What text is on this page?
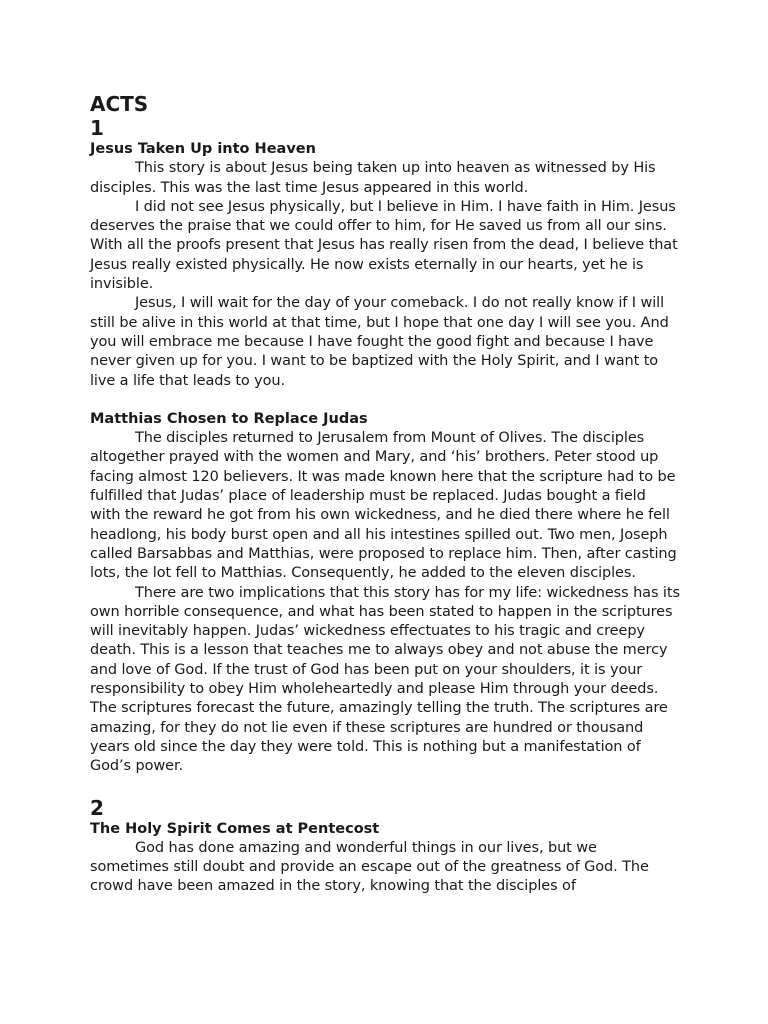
ACTS
1
Jesus Taken Up into Heaven

This story is about Jesus being taken up into heaven as witnessed by His disciples. This was the last time Jesus appeared in this world.

I did not see Jesus physically, but I believe in Him. I have faith in Him. Jesus deserves the praise that we could offer to him, for He saved us from all our sins. With all the proofs present that Jesus has really risen from the dead, I believe that Jesus really existed physically. He now exists eternally in our hearts, yet he is invisible.

Jesus, I will wait for the day of your comeback. I do not really know if I will still be alive in this world at that time, but I hope that one day I will see you. And you will embrace me because I have fought the good fight and because I have never given up for you. I want to be baptized with the Holy Spirit, and I want to live a life that leads to you.

Matthias Chosen to Replace Judas

The disciples returned to Jerusalem from Mount of Olives. The disciples altogether prayed with the women and Mary, and ‘his’ brothers. Peter stood up facing almost 120 believers. It was made known here that the scripture had to be fulfilled that Judas’ place of leadership must be replaced. Judas bought a field with the reward he got from his own wickedness, and he died there where he fell headlong, his body burst open and all his intestines spilled out. Two men, Joseph called Barsabbas and Matthias, were proposed to replace him. Then, after casting lots, the lot fell to Matthias. Consequently, he added to the eleven disciples.

There are two implications that this story has for my life: wickedness has its own horrible consequence, and what has been stated to happen in the scriptures will inevitably happen. Judas’ wickedness effectuates to his tragic and creepy death. This is a lesson that teaches me to always obey and not abuse the mercy and love of God. If the trust of God has been put on your shoulders, it is your responsibility to obey Him wholeheartedly and please Him through your deeds. The scriptures forecast the future, amazingly telling the truth. The scriptures are amazing, for they do not lie even if these scriptures are hundred or thousand years old since the day they were told. This is nothing but a manifestation of God’s power.

2
The Holy Spirit Comes at Pentecost

God has done amazing and wonderful things in our lives, but we sometimes still doubt and provide an escape out of the greatness of God. The crowd have been amazed in the story, knowing that the disciples of
